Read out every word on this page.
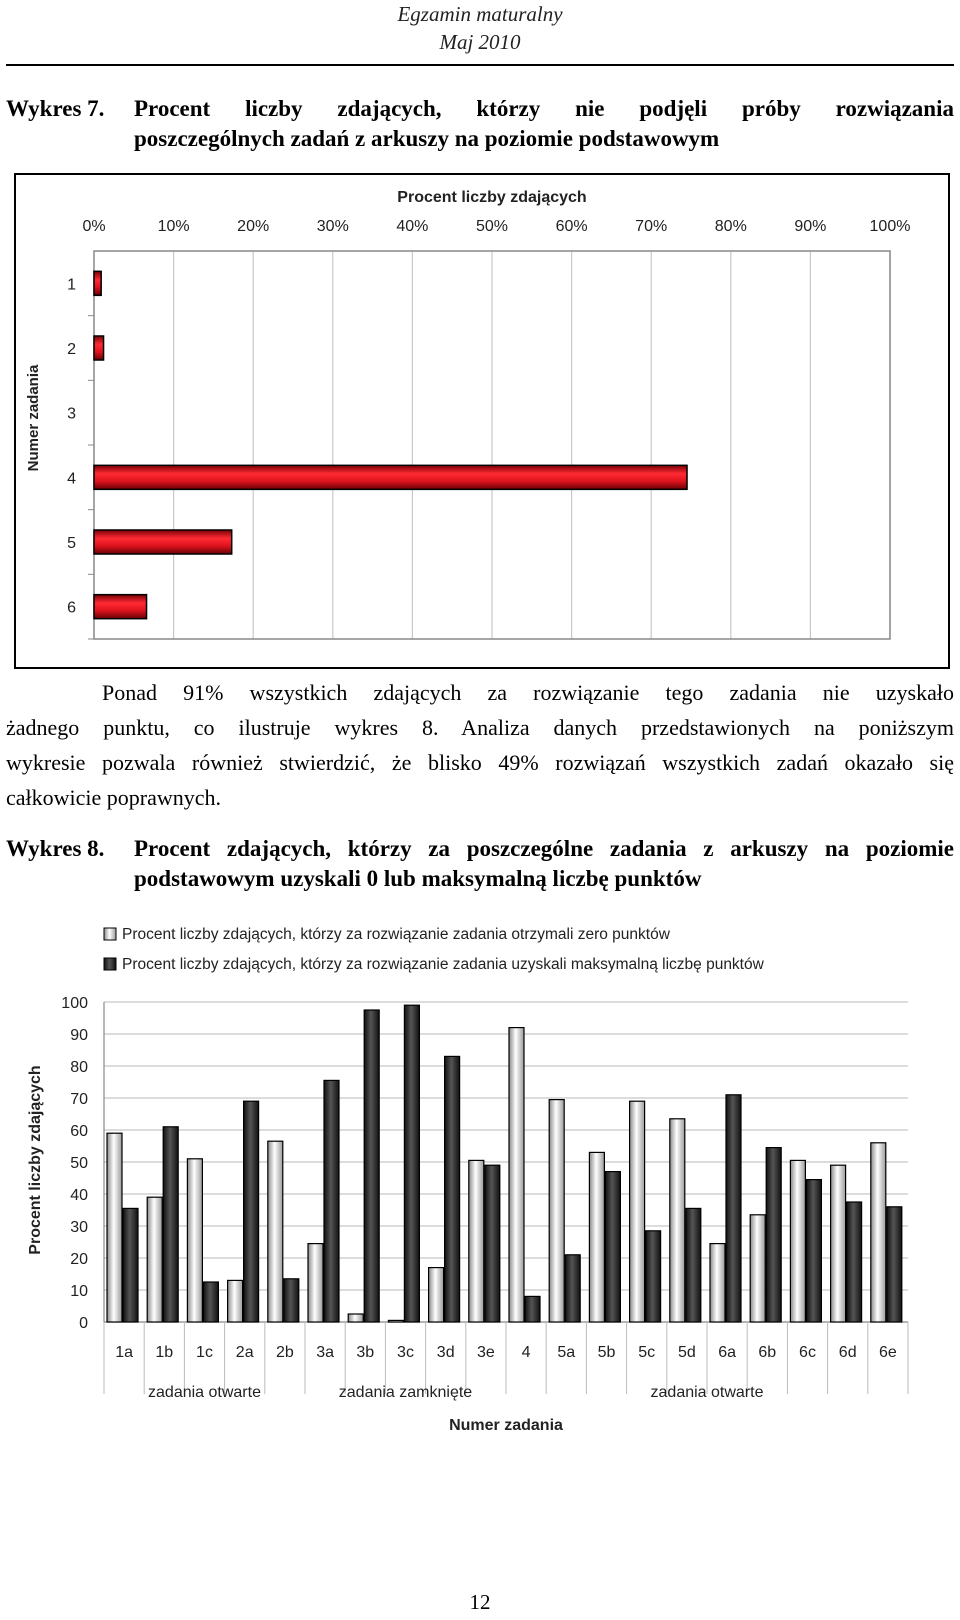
Egzamin maturalny
Maj 2010
Wykres 7. Procent liczby zdających, którzy nie podjęli próby rozwiązania
poszczególnych zadań z arkuszy na poziomie podstawowym
Procent liczby zdających
0%	10%	20%	30%	40%	50%	60%	70%	80%	90%	100%
Numer zadania
1
2
3
4
5
6
Ponad 91% wszystkich zdających za rozwiązanie tego zadania nie uzyskało
żadnego punktu, co ilustruje wykres 8. Analiza danych przedstawionych na poniższym
wykresie pozwala również stwierdzić, że blisko 49% rozwiązań wszystkich zadań okazało się
całkowicie poprawnych.
Wykres 8. Procent zdających, którzy za poszczególne zadania z arkuszy na poziomie
podstawowym uzyskali 0 lub maksymalną liczbę punktów
Procent liczby zdających, którzy za rozwiązanie zadania otrzymali zero punktów
Procent liczby zdających, którzy za rozwiązanie zadania uzyskali maksymalną liczbę punktów
Procent liczby zdających
0
10
20
30
40
50
60
70
80
90
100
1a 1b 1c 2a 2b 3a 3b 3c 3d 3e 4 5a 5b 5c 5d 6a 6b 6c 6d 6e
zadania otwarte	zadania zamknięte	zadania otwarte
Numer zadania
12
